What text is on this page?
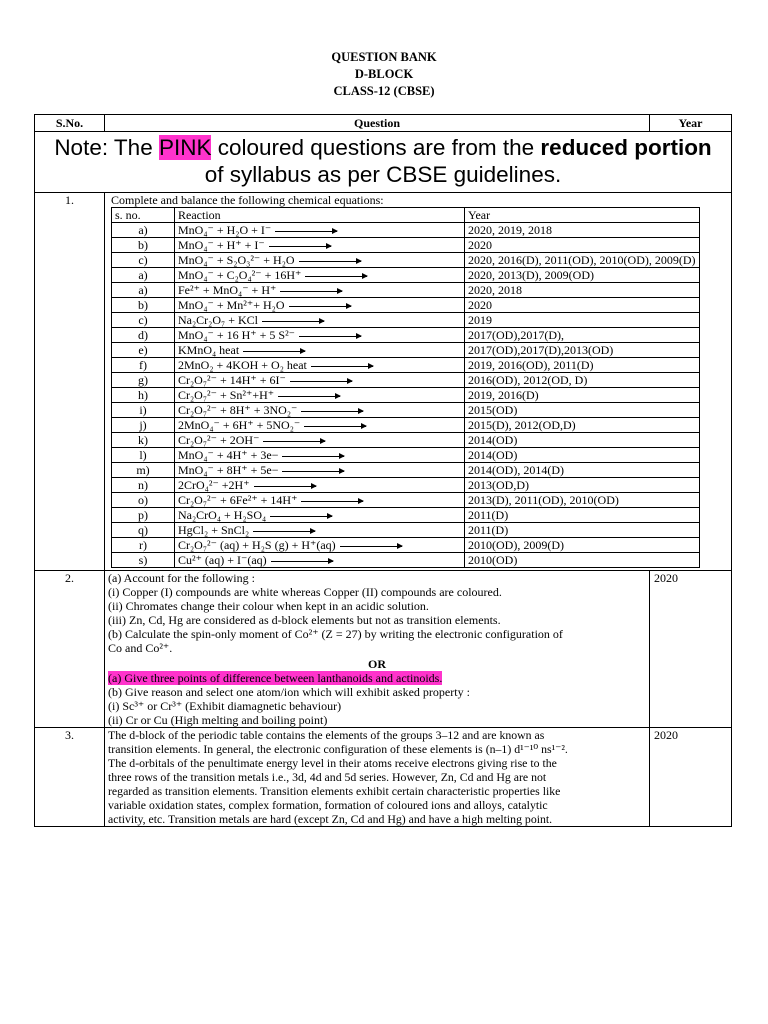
QUESTION BANK
D-BLOCK
CLASS-12 (CBSE)
S.No.	Question	Year
Note: The PINK coloured questions are from the reduced portion
of syllabus as per CBSE guidelines.
1.	Complete and balance the following chemical equations:
s. no.	Reaction	Year
a)	MnO₄⁻ + H₂O + I⁻	2020, 2019, 2018
b)	MnO₄⁻ + H⁺ + I⁻	2020
c)	MnO₄⁻ + S₂O₃²⁻ + H₂O	2020, 2016(D), 2011(OD), 2010(OD), 2009(D)
a)	MnO₄⁻ + C₂O₄²⁻ + 16H⁺	2020, 2013(D), 2009(OD)
a)	Fe²⁺ + MnO₄⁻ + H⁺	2020, 2018
b)	MnO₄⁻ + Mn²⁺+ H₂O	2020
c)	Na₂Cr₂O₇ + KCl	2019
d)	MnO₄⁻ + 16 H⁺ + 5 S²⁻	2017(OD),2017(D),
e)	KMnO₄ heat	2017(OD),2017(D),2013(OD)
f)	2MnO₂ + 4KOH + O₂ heat	2019, 2016(OD), 2011(D)
g)	Cr₂O₇²⁻ + 14H⁺ + 6I⁻	2016(OD), 2012(OD, D)
h)	Cr₂O₇²⁻ + Sn²⁺+H⁺	2019, 2016(D)
i)	Cr₂O₇²⁻ + 8H⁺ + 3NO₂⁻	2015(OD)
j)	2MnO₄⁻ + 6H⁺ + 5NO₂⁻	2015(D), 2012(OD,D)
k)	Cr₂O₇²⁻ + 2OH⁻	2014(OD)
l)	MnO₄⁻ + 4H⁺ + 3e−	2014(OD)
m)	MnO₄⁻ + 8H⁺ + 5e−	2014(OD), 2014(D)
n)	2CrO₄²⁻ +2H⁺	2013(OD,D)
o)	Cr₂O₇²⁻ + 6Fe²⁺ + 14H⁺	2013(D), 2011(OD), 2010(OD)
p)	Na₂CrO₄ + H₂SO₄	2011(D)
q)	HgCl₂ + SnCl₂	2011(D)
r)	Cr₂O₇²⁻ (aq) + H₂S (g) + H⁺(aq)	2010(OD), 2009(D)
s)	Cu²⁺ (aq) + I⁻(aq)	2010(OD)

2.	(a) Account for the following :
(i) Copper (I) compounds are white whereas Copper (II) compounds are coloured.
(ii) Chromates change their colour when kept in an acidic solution.
(iii) Zn, Cd, Hg are considered as d-block elements but not as transition elements.
(b) Calculate the spin-only moment of Co²⁺ (Z = 27) by writing the electronic configuration of
Co and Co²⁺.
OR
(a) Give three points of difference between lanthanoids and actinoids.
(b) Give reason and select one atom/ion which will exhibit asked property :
(i) Sc³⁺ or Cr³⁺ (Exhibit diamagnetic behaviour)
(ii) Cr or Cu (High melting and boiling point)
	2020
3.	The d-block of the periodic table contains the elements of the groups 3–12 and are known as
transition elements. In general, the electronic configuration of these elements is (n–1) d¹⁻¹⁰ ns¹⁻².
The d-orbitals of the penultimate energy level in their atoms receive electrons giving rise to the
three rows of the transition metals i.e., 3d, 4d and 5d series. However, Zn, Cd and Hg are not
regarded as transition elements. Transition elements exhibit certain characteristic properties like
variable oxidation states, complex formation, formation of coloured ions and alloys, catalytic
activity, etc. Transition metals are hard (except Zn, Cd and Hg) and have a high melting point.
	2020
